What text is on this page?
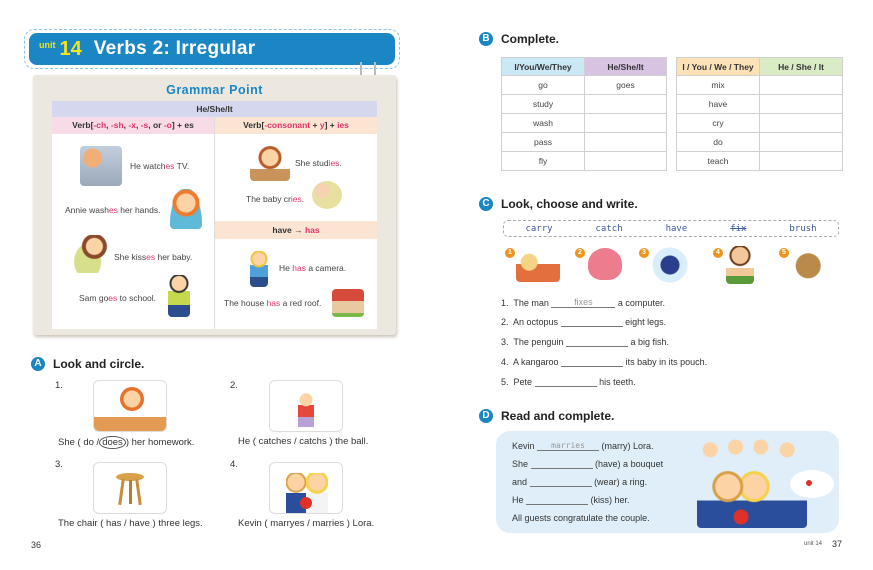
unit 14 Verbs 2: Irregular
Grammar Point
He/She/It
Verb[-ch, -sh, -x, -s, or -o] + es	Verb[-consonant + y] + ies
have → has
He watches TV.
Annie washes her hands.
She kisses her baby.
Sam goes to school.
She studies.
The baby cries.
He has a camera.
The house has a red roof.
A Look and circle.
1.
She ( do / does ) her homework.
2.
He ( catches / catchs ) the ball.
3.
The chair ( has / have ) three legs.
4.
Kevin ( marryes / marries ) Lora.
36
B Complete.
I/You/We/They	He/She/It
go	goes
study	
wash	
pass	
fly	
I / You / We / They	He / She / It
mix	
have	
cry	
do	
teach	
C Look, choose and write.
carry	catch	have	fix	brush
1	2	3	4	5
1. The man	fixes	a computer.
2. An octopus	eight legs.
3. The penguin	a big fish.
4. A kangaroo	its baby in its pouch.
5. Pete	his teeth.
D Read and complete.
Kevin marries (marry) Lora.
She	(have) a bouquet
and	(wear) a ring.
He	(kiss) her.
All guests congratulate the couple.
unit 14 37
